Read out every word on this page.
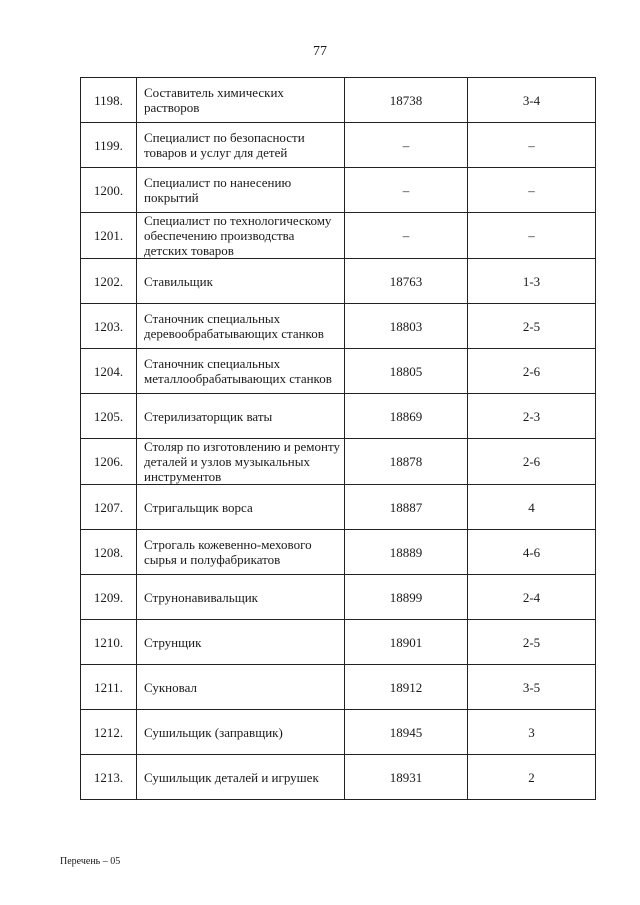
77
1198.	Составитель химических растворов	18738	3-4
1199.	Специалист по безопасности товаров и услуг для детей	–	–
1200.	Специалист по нанесению покрытий	–	–
1201.	Специалист по технологическому обеспечению производства детских товаров	–	–
1202.	Ставильщик	18763	1-3
1203.	Станочник специальных деревообрабатывающих станков	18803	2-5
1204.	Станочник специальных металлообрабатывающих станков	18805	2-6
1205.	Стерилизаторщик ваты	18869	2-3
1206.	Столяр по изготовлению и ремонту деталей и узлов музыкальных инструментов	18878	2-6
1207.	Стригальщик ворса	18887	4
1208.	Строгаль кожевенно-мехового сырья и полуфабрикатов	18889	4-6
1209.	Струнонавивальщик	18899	2-4
1210.	Струнщик	18901	2-5
1211.	Сукновал	18912	3-5
1212.	Сушильщик (заправщик)	18945	3
1213.	Сушильщик деталей и игрушек	18931	2
Перечень – 05
